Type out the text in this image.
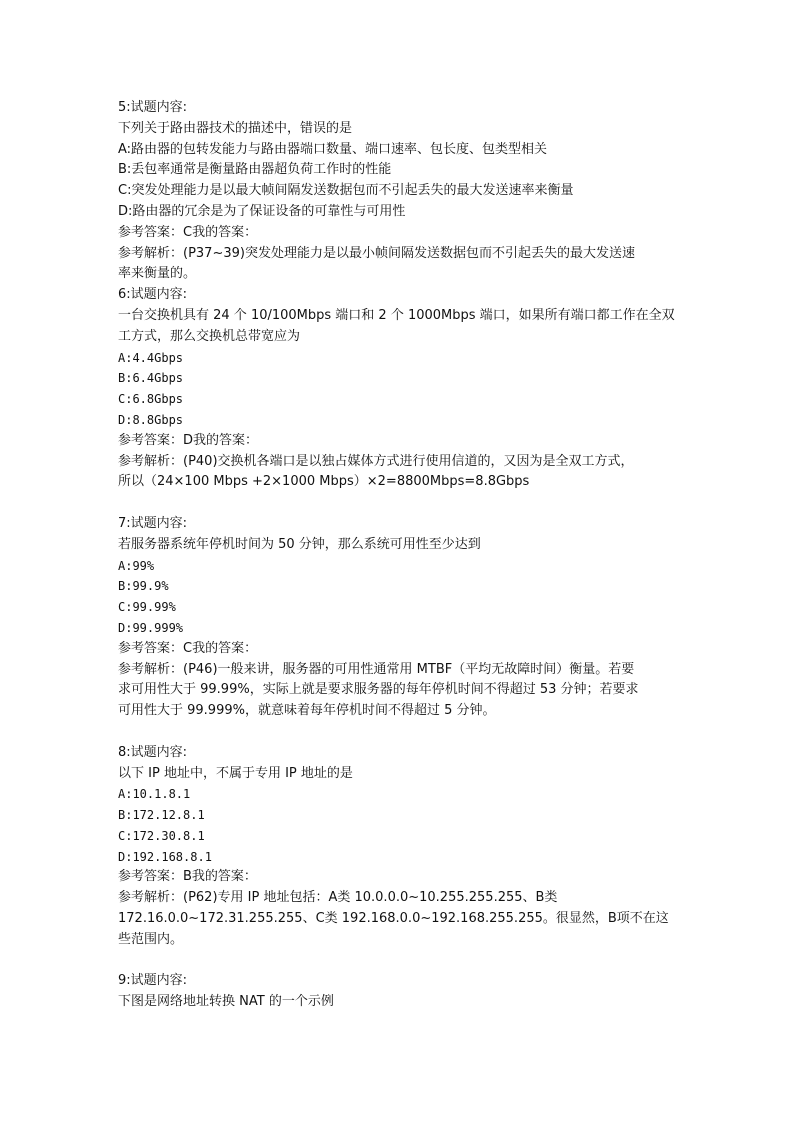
5:试题内容:
下列关于路由器技术的描述中，错误的是
A:路由器的包转发能力与路由器端口数量、端口速率、包长度、包类型相关
B:丢包率通常是衡量路由器超负荷工作时的性能
C:突发处理能力是以最大帧间隔发送数据包而不引起丢失的最大发送速率来衡量
D:路由器的冗余是为了保证设备的可靠性与可用性
参考答案：C我的答案：
参考解析：(P37~39)突发处理能力是以最小帧间隔发送数据包而不引起丢失的最大发送速
率来衡量的。
6:试题内容:
一台交换机具有 24 个 10/100Mbps 端口和 2 个 1000Mbps 端口，如果所有端口都工作在全双
工方式，那么交换机总带宽应为
A:4.4Gbps
B:6.4Gbps
C:6.8Gbps
D:8.8Gbps
参考答案：D我的答案：
参考解析：(P40)交换机各端口是以独占媒体方式进行使用信道的，又因为是全双工方式，
所以（24×100 Mbps +2×1000 Mbps）×2=8800Mbps=8.8Gbps
7:试题内容:
若服务器系统年停机时间为 50 分钟，那么系统可用性至少达到
A:99%
B:99.9%
C:99.99%
D:99.999%
参考答案：C我的答案：
参考解析：(P46)一般来讲，服务器的可用性通常用 MTBF（平均无故障时间）衡量。若要
求可用性大于 99.99%，实际上就是要求服务器的每年停机时间不得超过 53 分钟；若要求
可用性大于 99.999%，就意味着每年停机时间不得超过 5 分钟。
8:试题内容:
以下 IP 地址中，不属于专用 IP 地址的是
A:10.1.8.1
B:172.12.8.1
C:172.30.8.1
D:192.168.8.1
参考答案：B我的答案：
参考解析：(P62)专用 IP 地址包括：A类 10.0.0.0~10.255.255.255、B类
172.16.0.0~172.31.255.255、C类 192.168.0.0~192.168.255.255。很显然，B项不在这
些范围内。
9:试题内容:
下图是网络地址转换 NAT 的一个示例
